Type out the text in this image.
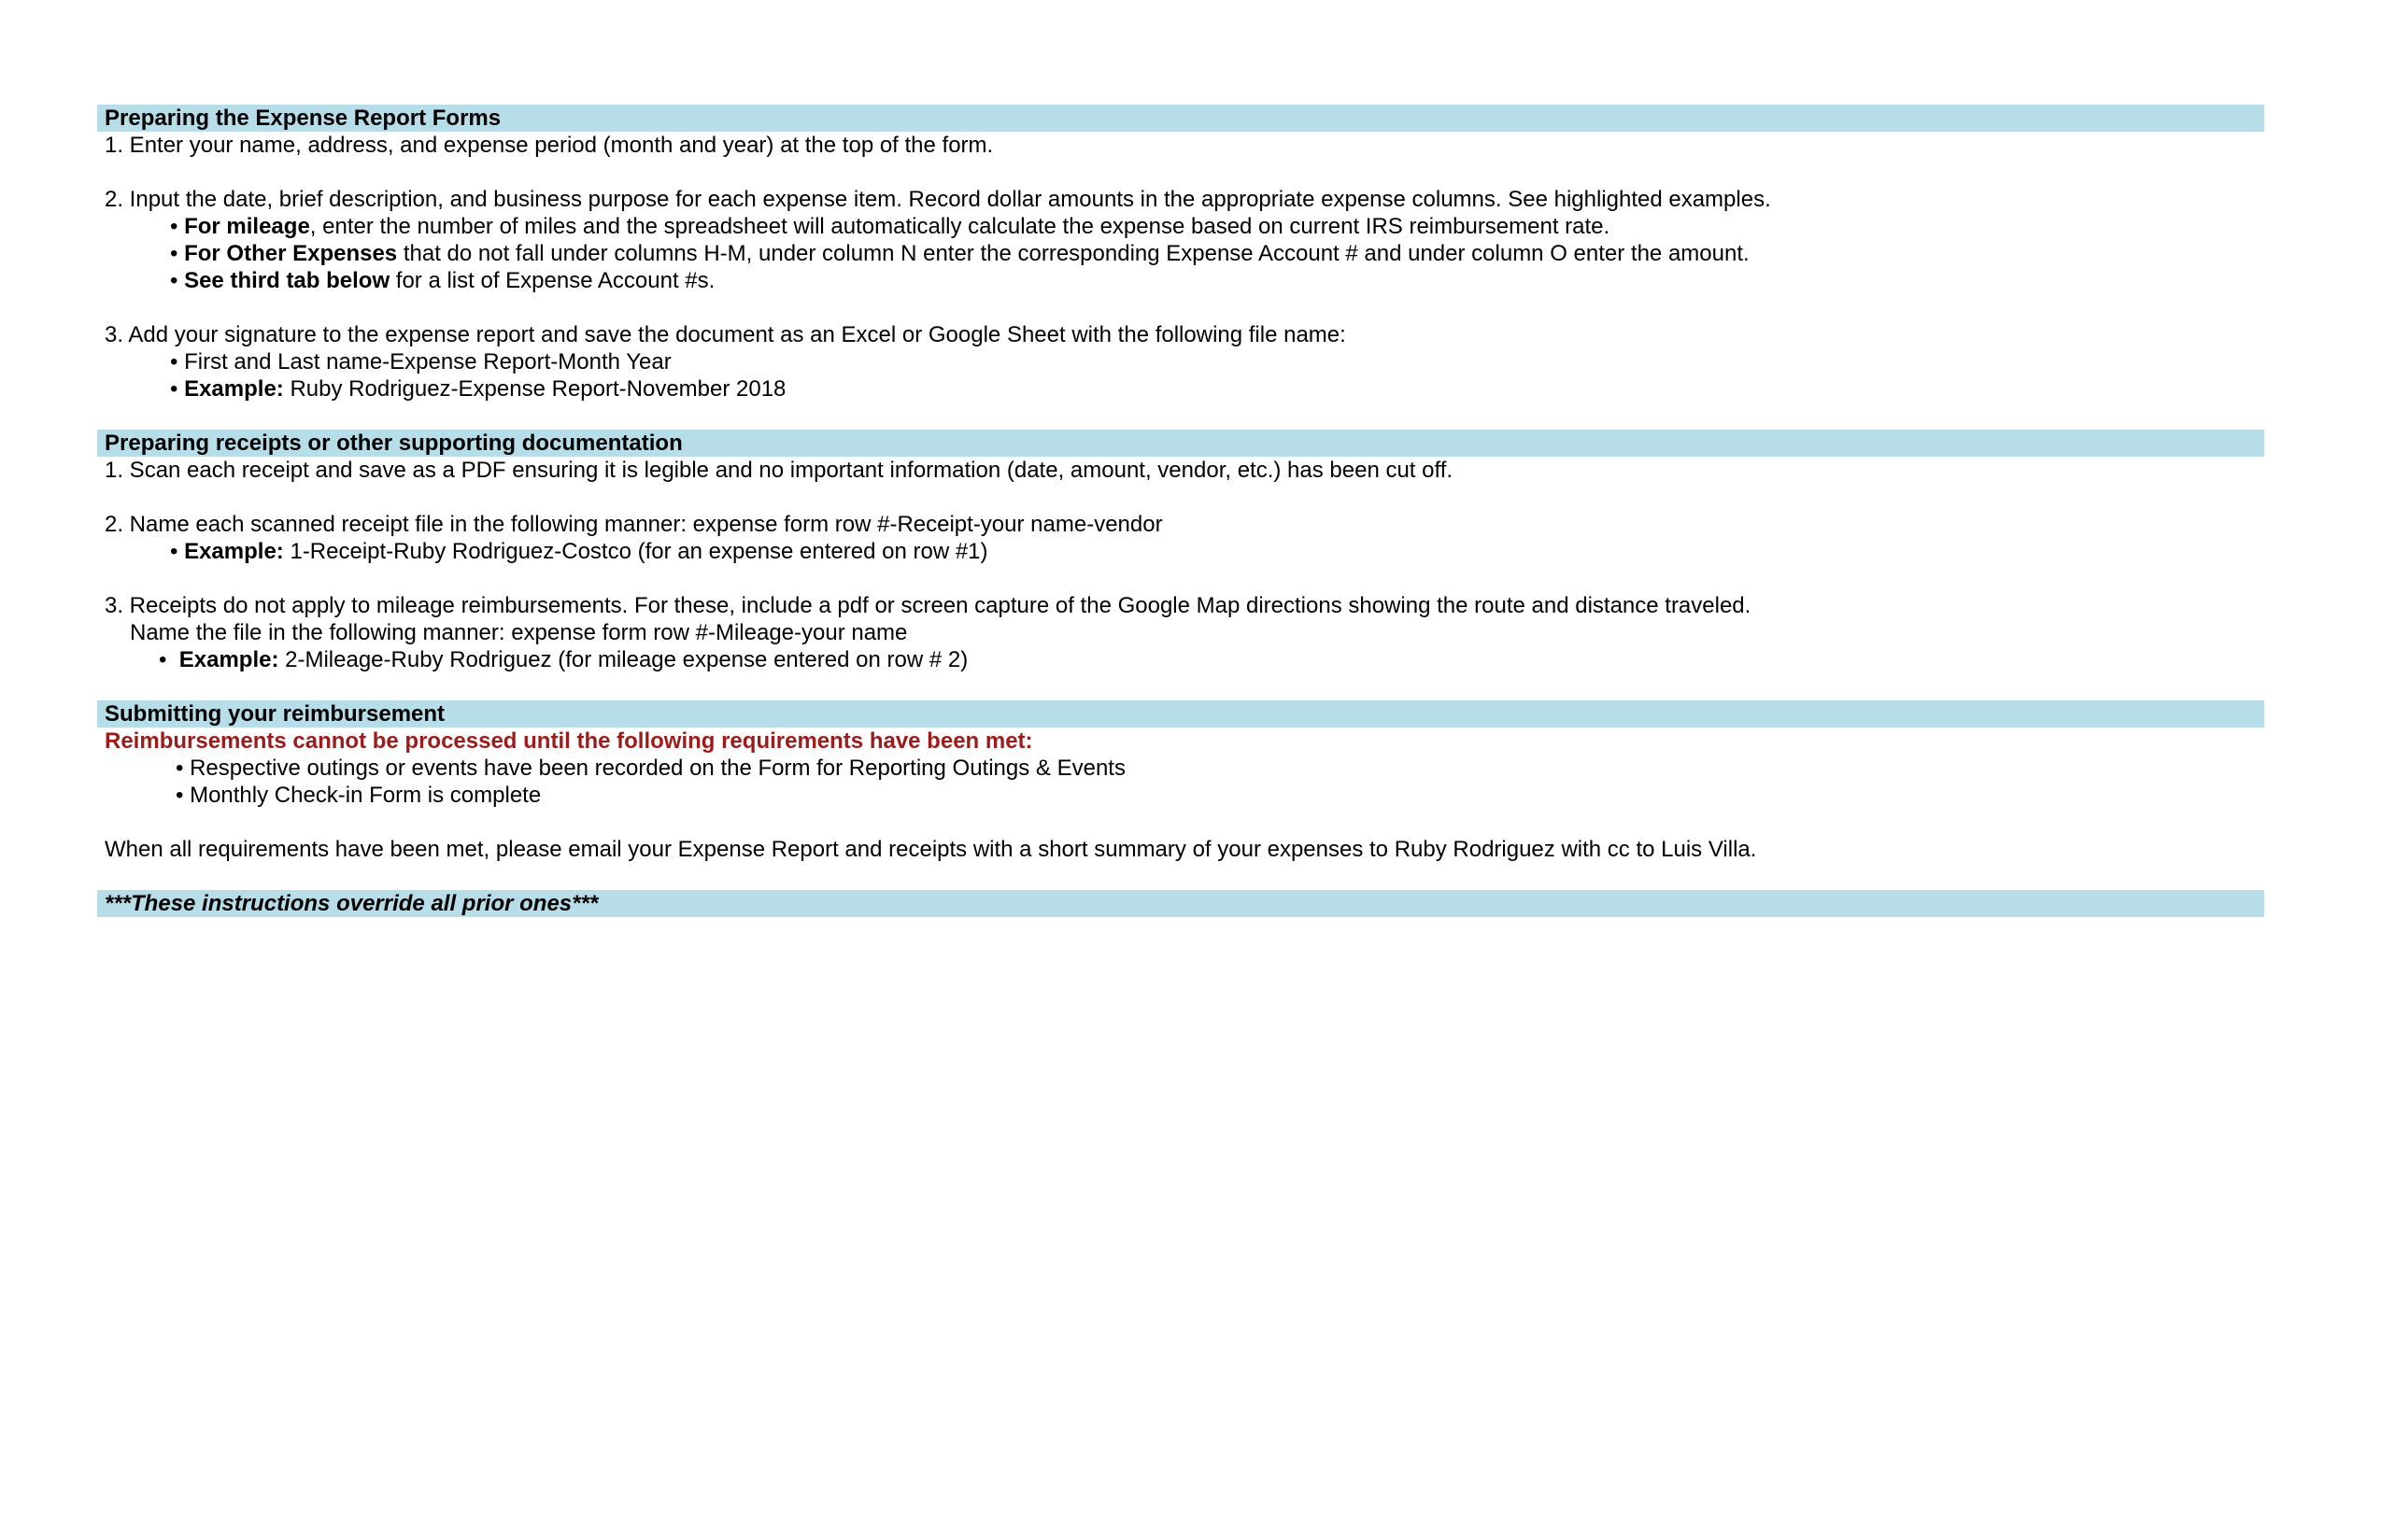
Preparing the Expense Report Forms
1. Enter your name, address, and expense period (month and year) at the top of the form.
2. Input the date, brief description, and business purpose for each expense item. Record dollar amounts in the appropriate expense columns. See highlighted examples.
• For mileage, enter the number of miles and the spreadsheet will automatically calculate the expense based on current IRS reimbursement rate.
• For Other Expenses that do not fall under columns H-M, under column N enter the corresponding Expense Account # and under column O enter the amount.
• See third tab below for a list of Expense Account #s.
3. Add your signature to the expense report and save the document as an Excel or Google Sheet with the following file name:
• First and Last name-Expense Report-Month Year
• Example: Ruby Rodriguez-Expense Report-November 2018
Preparing receipts or other supporting documentation
1. Scan each receipt and save as a PDF ensuring it is legible and no important information (date, amount, vendor, etc.) has been cut off.
2. Name each scanned receipt file in the following manner: expense form row #-Receipt-your name-vendor
• Example: 1-Receipt-Ruby Rodriguez-Costco (for an expense entered on row #1)
3. Receipts do not apply to mileage reimbursements. For these, include a pdf or screen capture of the Google Map directions showing the route and distance traveled.
Name the file in the following manner: expense form row #-Mileage-your name
• Example: 2-Mileage-Ruby Rodriguez (for mileage expense entered on row # 2)
Submitting your reimbursement
Reimbursements cannot be processed until the following requirements have been met:
• Respective outings or events have been recorded on the Form for Reporting Outings & Events
• Monthly Check-in Form is complete
When all requirements have been met, please email your Expense Report and receipts with a short summary of your expenses to Ruby Rodriguez with cc to Luis Villa.
***These instructions override all prior ones***
